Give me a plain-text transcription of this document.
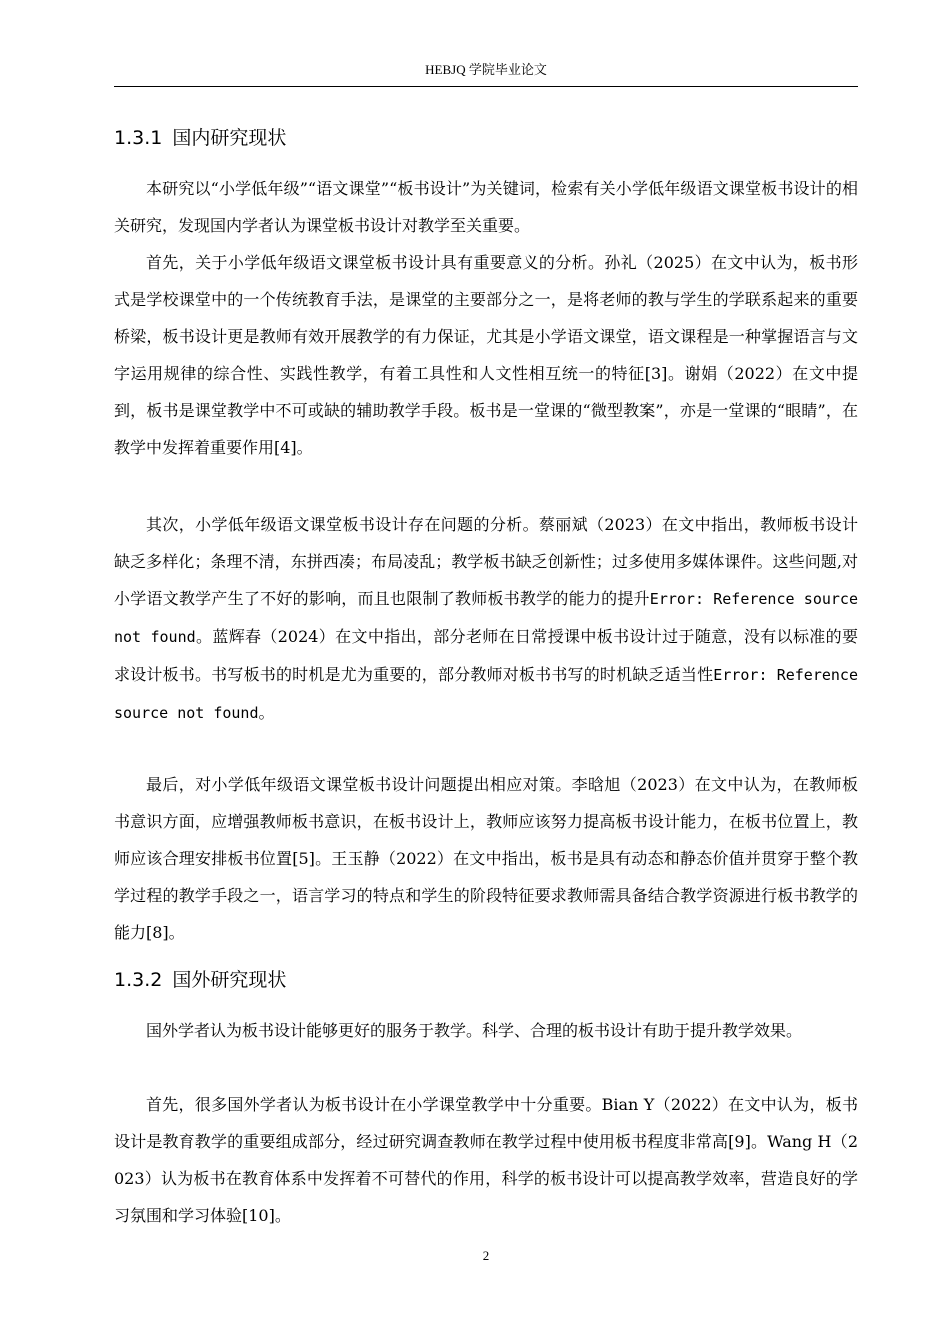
HEBJQ 学院毕业论文
1.3.1 国内研究现状

本研究以“小学低年级”“语文课堂”“板书设计”为关键词，检索有关小学低年级语文课堂板书设计的相关研究，发现国内学者认为课堂板书设计对教学至关重要。

首先，关于小学低年级语文课堂板书设计具有重要意义的分析。孙礼（2025）在文中认为，板书形式是学校课堂中的一个传统教育手法，是课堂的主要部分之一，是将老师的教与学生的学联系起来的重要桥梁，板书设计更是教师有效开展教学的有力保证，尤其是小学语文课堂，语文课程是一种掌握语言与文字运用规律的综合性、实践性教学，有着工具性和人文性相互统一的特征[3]。谢娟（2022）在文中提到，板书是课堂教学中不可或缺的辅助教学手段。板书是一堂课的“微型教案”，亦是一堂课的“眼睛”，在教学中发挥着重要作用[4]。

其次，小学低年级语文课堂板书设计存在问题的分析。蔡丽斌（2023）在文中指出，教师板书设计缺乏多样化；条理不清，东拼西凑；布局凌乱；教学板书缺乏创新性；过多使用多媒体课件。这些问题,对小学语文教学产生了不好的影响，而且也限制了教师板书教学的能力的提升Error: Reference source not found。蓝辉春（2024）在文中指出，部分老师在日常授课中板书设计过于随意，没有以标准的要求设计板书。书写板书的时机是尤为重要的，部分教师对板书书写的时机缺乏适当性Error: Reference source not found。

最后，对小学低年级语文课堂板书设计问题提出相应对策。李晗旭（2023）在文中认为，在教师板书意识方面，应增强教师板书意识，在板书设计上，教师应该努力提高板书设计能力，在板书位置上，教师应该合理安排板书位置[5]。王玉静（2022）在文中指出，板书是具有动态和静态价值并贯穿于整个教学过程的教学手段之一，语言学习的特点和学生的阶段特征要求教师需具备结合教学资源进行板书教学的能力[8]。

1.3.2 国外研究现状

国外学者认为板书设计能够更好的服务于教学。科学、合理的板书设计有助于提升教学效果。

首先，很多国外学者认为板书设计在小学课堂教学中十分重要。Bian Y（2022）在文中认为，板书设计是教育教学的重要组成部分，经过研究调查教师在教学过程中使用板书程度非常高[9]。Wang H（2023）认为板书在教育体系中发挥着不可替代的作用，科学的板书设计可以提高教学效率，营造良好的学习氛围和学习体验[10]。

2
